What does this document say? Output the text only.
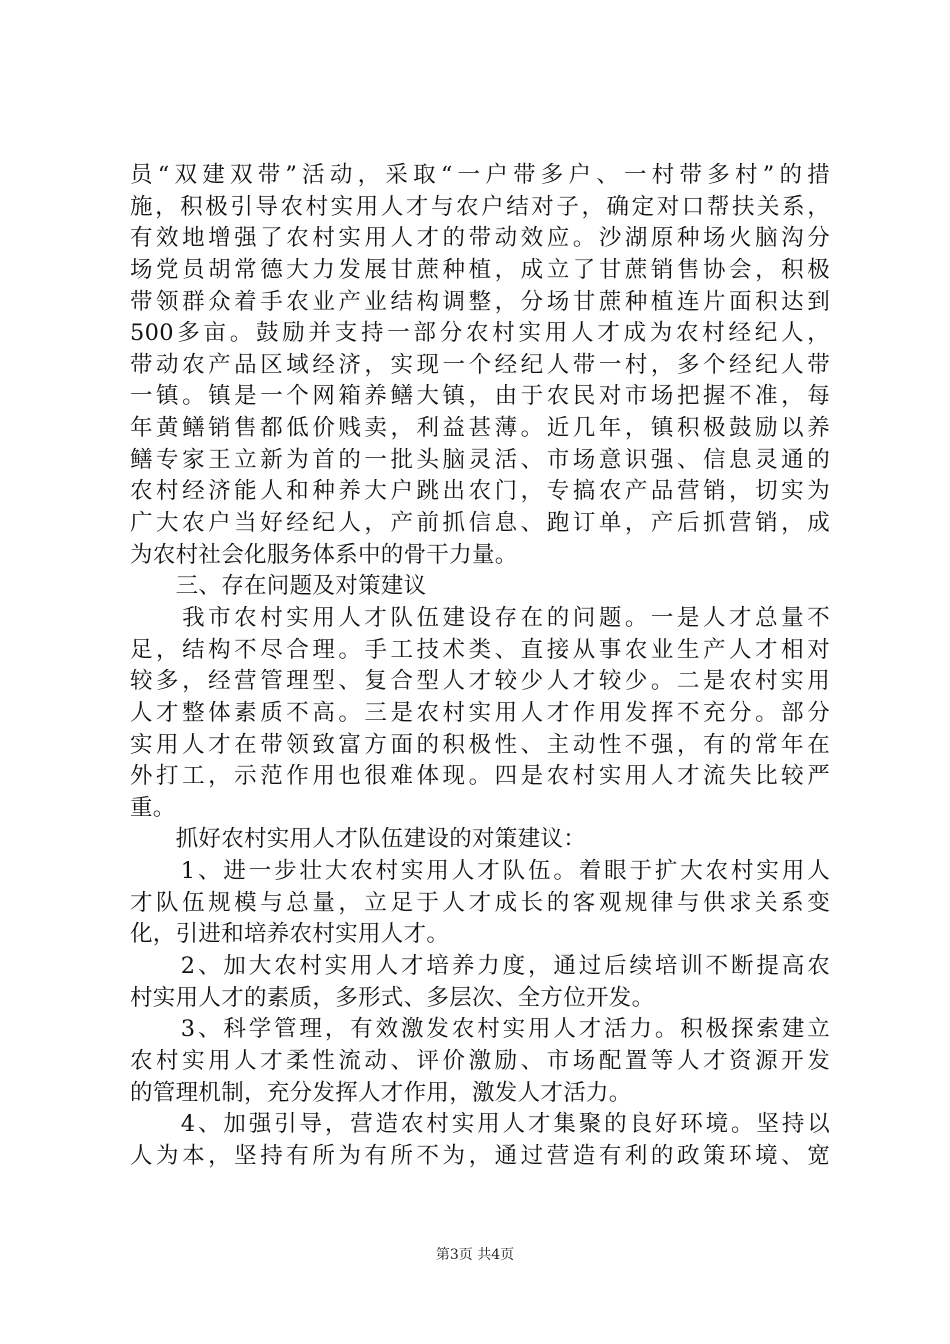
员“双建双带”活动，采取“一户带多户、一村带多村”的措
施，积极引导农村实用人才与农户结对子，确定对口帮扶关系，
有效地增强了农村实用人才的带动效应。沙湖原种场火脑沟分
场党员胡常德大力发展甘蔗种植，成立了甘蔗销售协会，积极
带领群众着手农业产业结构调整，分场甘蔗种植连片面积达到
500多亩。鼓励并支持一部分农村实用人才成为农村经纪人，
带动农产品区域经济，实现一个经纪人带一村，多个经纪人带
一镇。镇是一个网箱养鳝大镇，由于农民对市场把握不准，每
年黄鳝销售都低价贱卖，利益甚薄。近几年，镇积极鼓励以养
鳝专家王立新为首的一批头脑灵活、市场意识强、信息灵通的
农村经济能人和种养大户跳出农门，专搞农产品营销，切实为
广大农户当好经纪人，产前抓信息、跑订单，产后抓营销，成
为农村社会化服务体系中的骨干力量。
　　三、存在问题及对策建议
　　我市农村实用人才队伍建设存在的问题。一是人才总量不
足，结构不尽合理。手工技术类、直接从事农业生产人才相对
较多，经营管理型、复合型人才较少人才较少。二是农村实用
人才整体素质不高。三是农村实用人才作用发挥不充分。部分
实用人才在带领致富方面的积极性、主动性不强，有的常年在
外打工，示范作用也很难体现。四是农村实用人才流失比较严
重。
　　抓好农村实用人才队伍建设的对策建议：
　　1、进一步壮大农村实用人才队伍。着眼于扩大农村实用人
才队伍规模与总量，立足于人才成长的客观规律与供求关系变
化，引进和培养农村实用人才。
　　2、加大农村实用人才培养力度，通过后续培训不断提高农
村实用人才的素质，多形式、多层次、全方位开发。
　　3、科学管理，有效激发农村实用人才活力。积极探索建立
农村实用人才柔性流动、评价激励、市场配置等人才资源开发
的管理机制，充分发挥人才作用，激发人才活力。
　　4、加强引导，营造农村实用人才集聚的良好环境。坚持以
人为本，坚持有所为有所不为，通过营造有利的政策环境、宽
第3页 共4页
